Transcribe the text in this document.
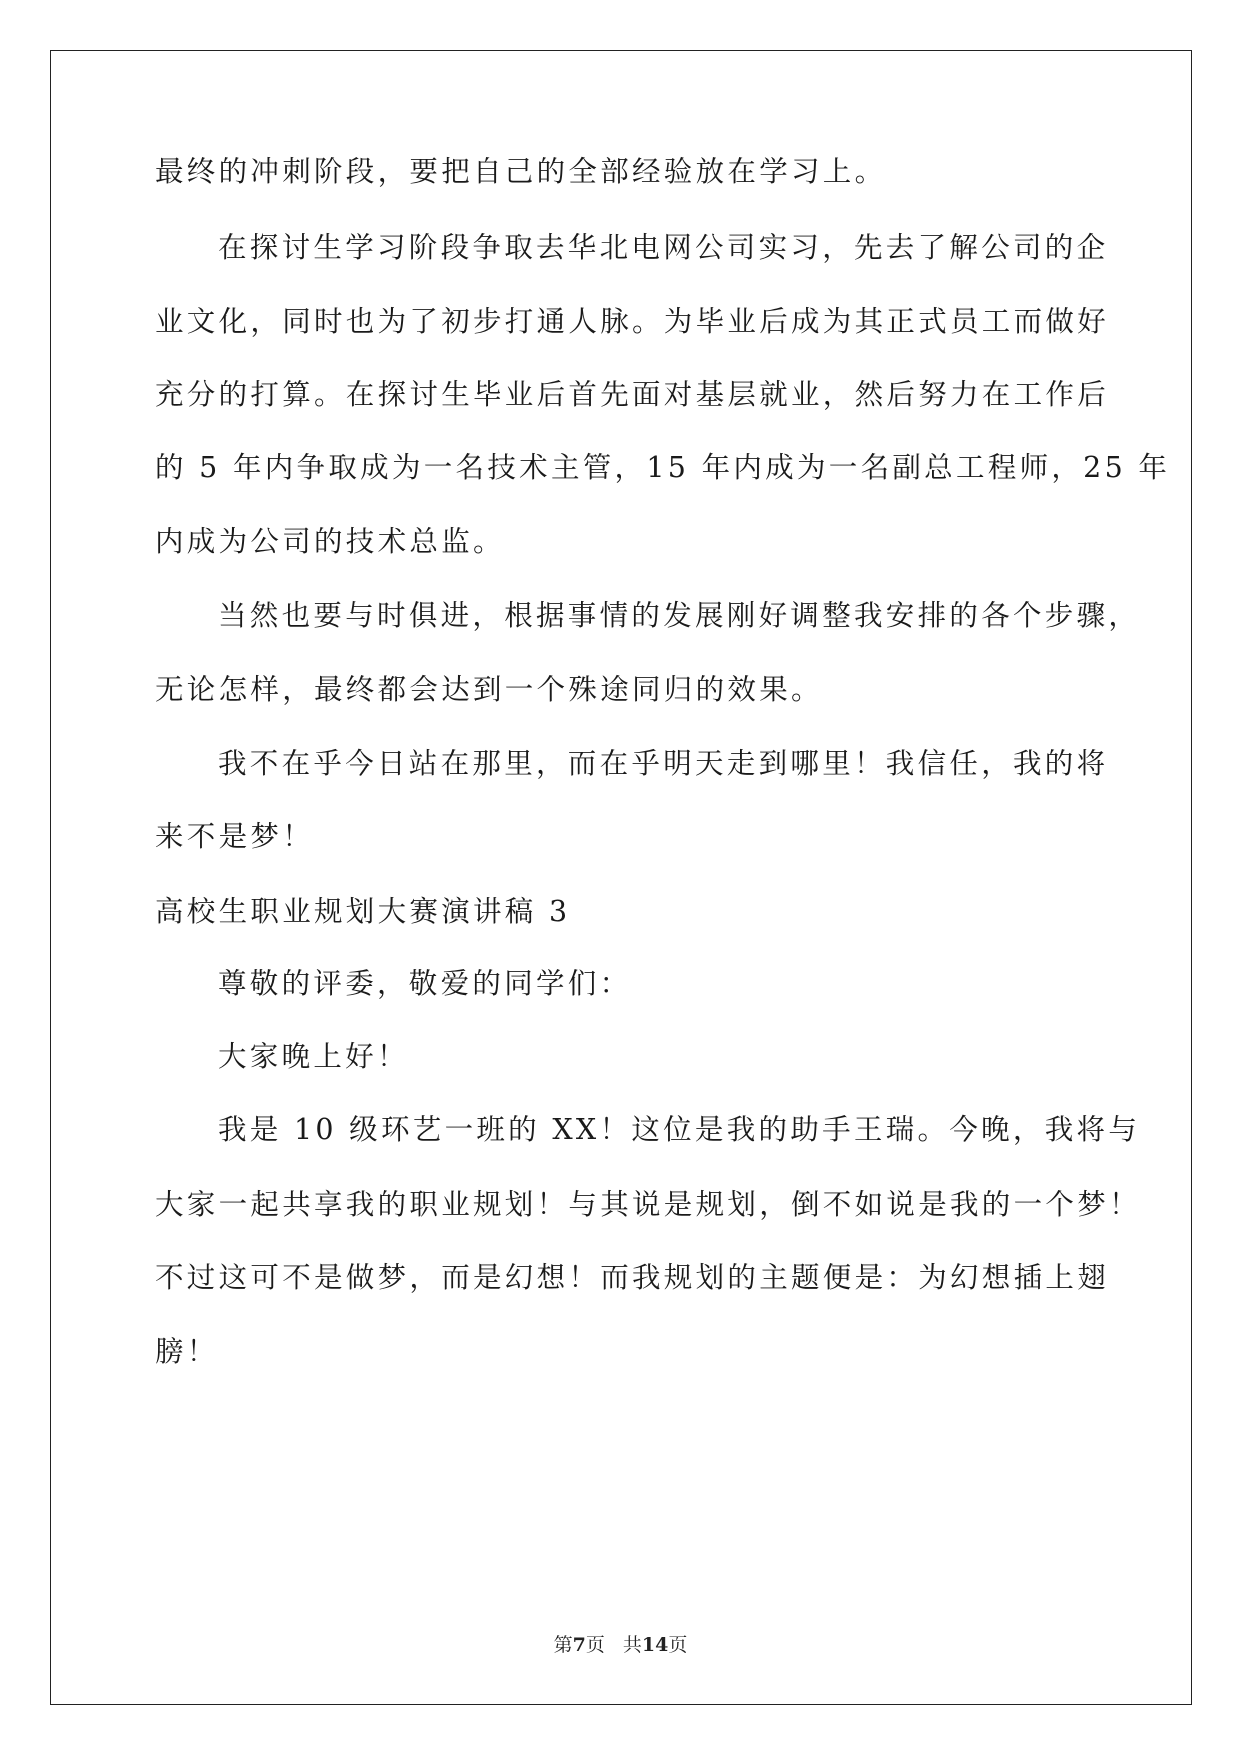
最终的冲刺阶段，要把自己的全部经验放在学习上。
在探讨生学习阶段争取去华北电网公司实习，先去了解公司的企
业文化，同时也为了初步打通人脉。为毕业后成为其正式员工而做好
充分的打算。在探讨生毕业后首先面对基层就业，然后努力在工作后
的 5 年内争取成为一名技术主管，15 年内成为一名副总工程师，25 年
内成为公司的技术总监。
当然也要与时俱进，根据事情的发展刚好调整我安排的各个步骤，
无论怎样，最终都会达到一个殊途同归的效果。
我不在乎今日站在那里，而在乎明天走到哪里！我信任，我的将
来不是梦！
高校生职业规划大赛演讲稿 3
尊敬的评委，敬爱的同学们：
大家晚上好！
我是 10 级环艺一班的 XX！这位是我的助手王瑞。今晚，我将与
大家一起共享我的职业规划！与其说是规划，倒不如说是我的一个梦！
不过这可不是做梦，而是幻想！而我规划的主题便是：为幻想插上翅
膀！
第7页 共14页
